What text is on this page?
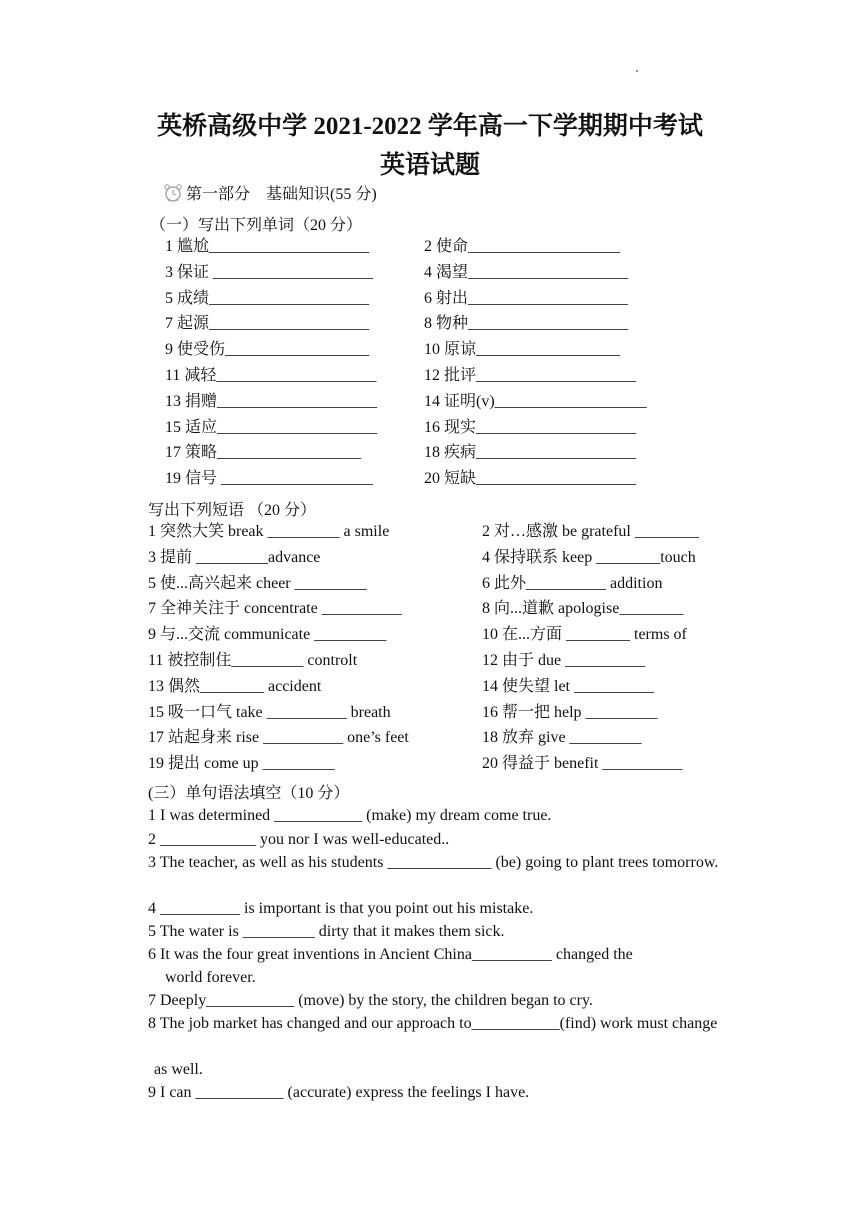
英桥高级中学 2021-2022 学年高一下学期期中考试
英语试题
第一部分　基础知识(55 分)
（一）写出下列单词（20 分）
1 尴尬____________________	2 使命___________________
3 保证 ____________________	4 渴望____________________
5 成绩____________________	6 射出____________________
7 起源____________________	8 物种____________________
9 使受伤__________________	10 原谅__________________
11 减轻____________________	12 批评____________________
13 捐赠____________________	14 证明(v)___________________
15 适应____________________	16 现实____________________
17 策略__________________	18 疾病____________________
19 信号 ___________________	20 短缺____________________
写出下列短语 （20 分）
1 突然大笑 break _________ a smile	2 对…感激 be grateful ________
3 提前 _________advance	4 保持联系 keep ________touch
5 使...高兴起来 cheer _________	6 此外__________ addition
7 全神关注于 concentrate __________	8 向...道歉 apologise________
9 与...交流 communicate _________	10 在...方面 ________ terms of
11 被控制住_________ controlt	12 由于 due __________
13 偶然________ accident	14 使失望 let __________
15 吸一口气 take __________ breath	16 帮一把 help _________
17 站起身来 rise __________ one’s feet	18 放弃 give _________
19 提出 come up _________	20 得益于 benefit __________
(三）单句语法填空（10 分）
1 I was determined ___________ (make) my dream come true.
2 ____________ you nor I was well-educated..
3 The teacher, as well as his students _____________ (be) going to plant trees tomorrow.
4 __________ is important is that you point out his mistake.
5 The water is _________ dirty that it makes them sick.
6 It was the four great inventions in Ancient China__________ changed the
world forever.
7 Deeply___________ (move) by the story, the children began to cry.
8 The job market has changed and our approach to___________(find) work must change
as well.
9 I can ___________ (accurate) express the feelings I have.
